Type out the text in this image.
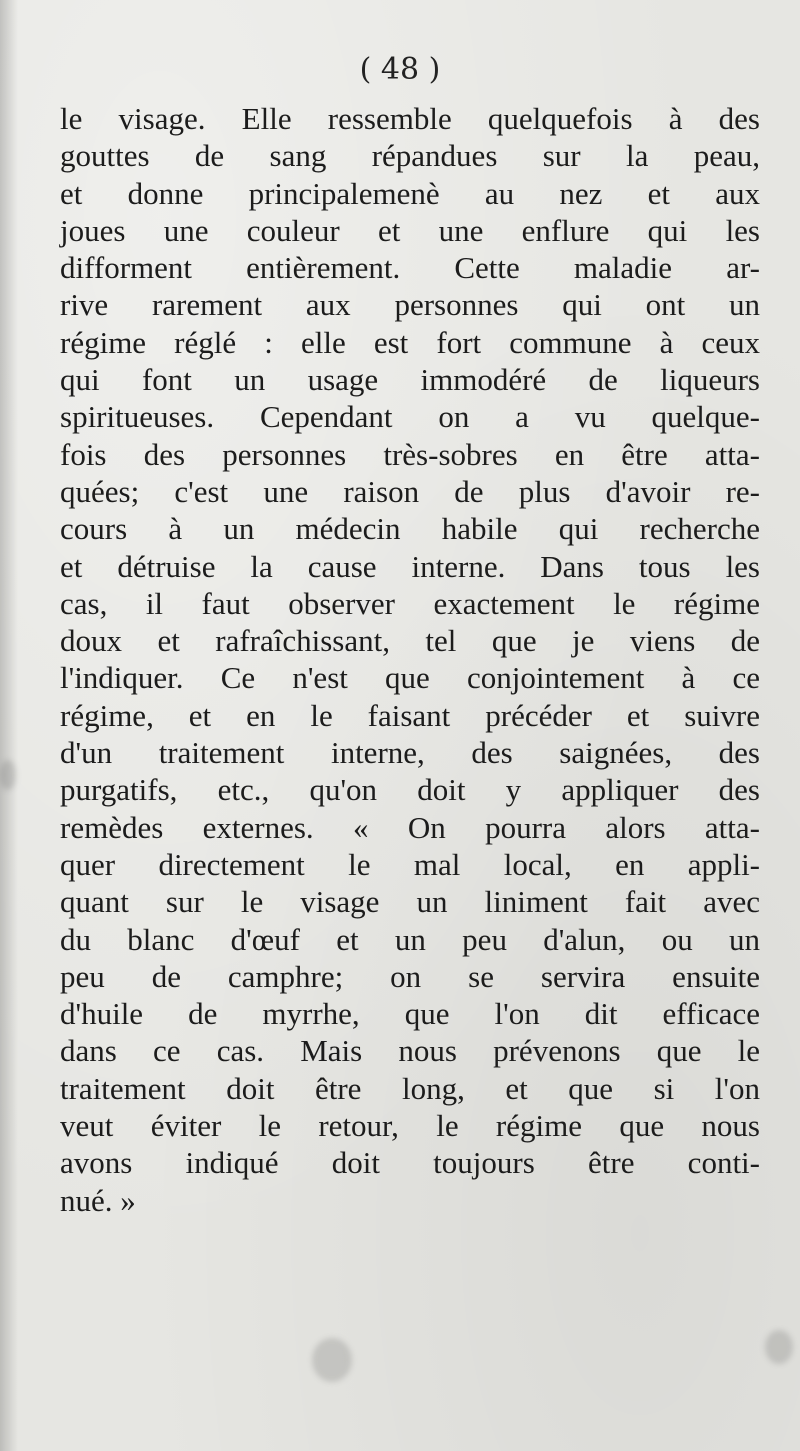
( 48 )
le visage. Elle ressemble quelquefois à des
gouttes de sang répandues sur la peau,
et donne principalemenè au nez et aux
joues une couleur et une enflure qui les
difforment entièrement. Cette maladie ar-
rive rarement aux personnes qui ont un
régime réglé : elle est fort commune à ceux
qui font un usage immodéré de liqueurs
spiritueuses. Cependant on a vu quelque-
fois des personnes très-sobres en être atta-
quées; c'est une raison de plus d'avoir re-
cours à un médecin habile qui recherche
et détruise la cause interne. Dans tous les
cas, il faut observer exactement le régime
doux et rafraîchissant, tel que je viens de
l'indiquer. Ce n'est que conjointement à ce
régime, et en le faisant précéder et suivre
d'un traitement interne, des saignées, des
purgatifs, etc., qu'on doit y appliquer des
remèdes externes. « On pourra alors atta-
quer directement le mal local, en appli-
quant sur le visage un liniment fait avec
du blanc d'œuf et un peu d'alun, ou un
peu de camphre; on se servira ensuite
d'huile de myrrhe, que l'on dit efficace
dans ce cas. Mais nous prévenons que le
traitement doit être long, et que si l'on
veut éviter le retour, le régime que nous
avons indiqué doit toujours être conti-
nué. »
